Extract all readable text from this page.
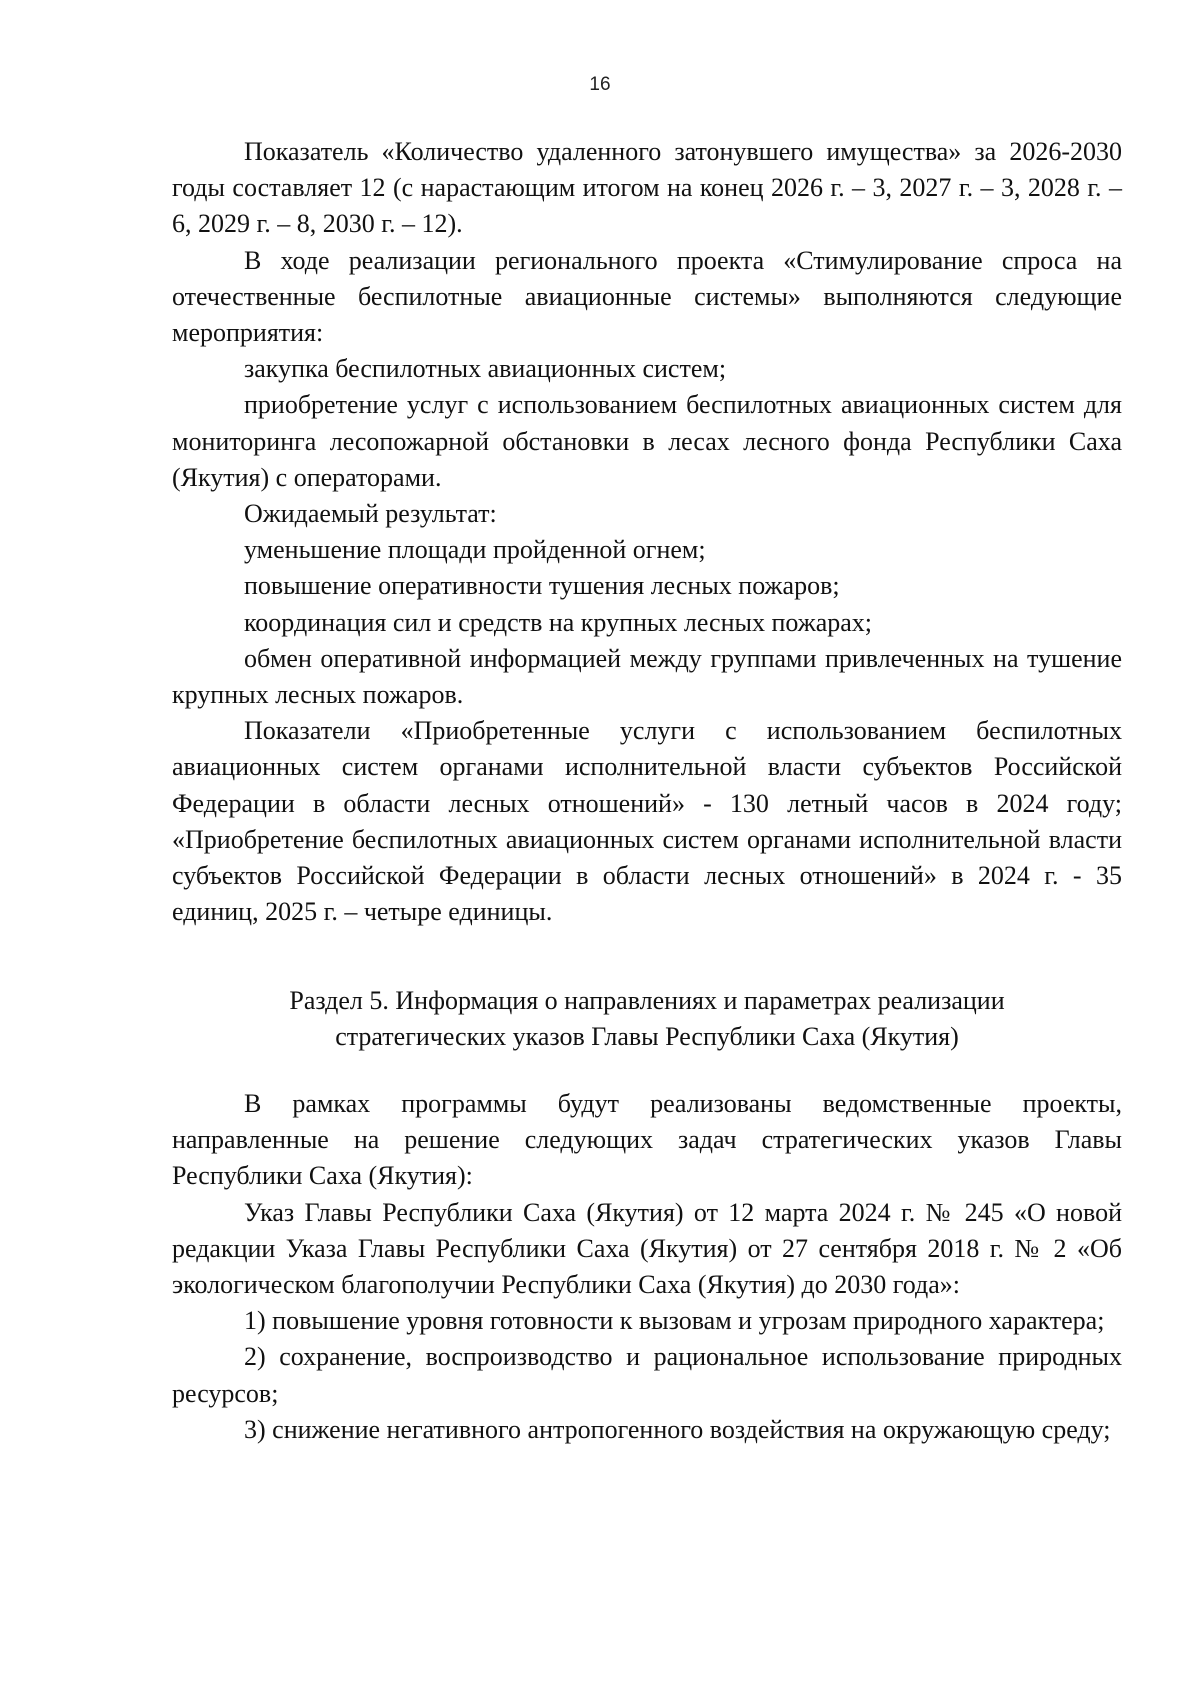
16

Показатель «Количество удаленного затонувшего имущества» за 2026-2030 годы составляет 12 (с нарастающим итогом на конец 2026 г. – 3, 2027 г. – 3, 2028 г. – 6, 2029 г. – 8, 2030 г. – 12).

В ходе реализации регионального проекта «Стимулирование спроса на отечественные беспилотные авиационные системы» выполняются следующие мероприятия:

закупка беспилотных авиационных систем;

приобретение услуг с использованием беспилотных авиационных систем для мониторинга лесопожарной обстановки в лесах лесного фонда Республики Саха (Якутия) с операторами.

Ожидаемый результат:

уменьшение площади пройденной огнем;

повышение оперативности тушения лесных пожаров;

координация сил и средств на крупных лесных пожарах;

обмен оперативной информацией между группами привлеченных на тушение крупных лесных пожаров.

Показатели «Приобретенные услуги с использованием беспилотных авиационных систем органами исполнительной власти субъектов Российской Федерации в области лесных отношений» - 130 летный часов в 2024 году; «Приобретение беспилотных авиационных систем органами исполнительной власти субъектов Российской Федерации в области лесных отношений» в 2024 г. - 35 единиц, 2025 г. – четыре единицы.

Раздел 5. Информация о направлениях и параметрах реализации
стратегических указов Главы Республики Саха (Якутия)

В рамках программы будут реализованы ведомственные проекты, направленные на решение следующих задач стратегических указов Главы Республики Саха (Якутия):

Указ Главы Республики Саха (Якутия) от 12 марта 2024 г. № 245 «О новой редакции Указа Главы Республики Саха (Якутия) от 27 сентября 2018 г. № 2 «Об экологическом благополучии Республики Саха (Якутия) до 2030 года»:

1) повышение уровня готовности к вызовам и угрозам природного характера;

2) сохранение, воспроизводство и рациональное использование природных ресурсов;

3) снижение негативного антропогенного воздействия на окружающую среду;
